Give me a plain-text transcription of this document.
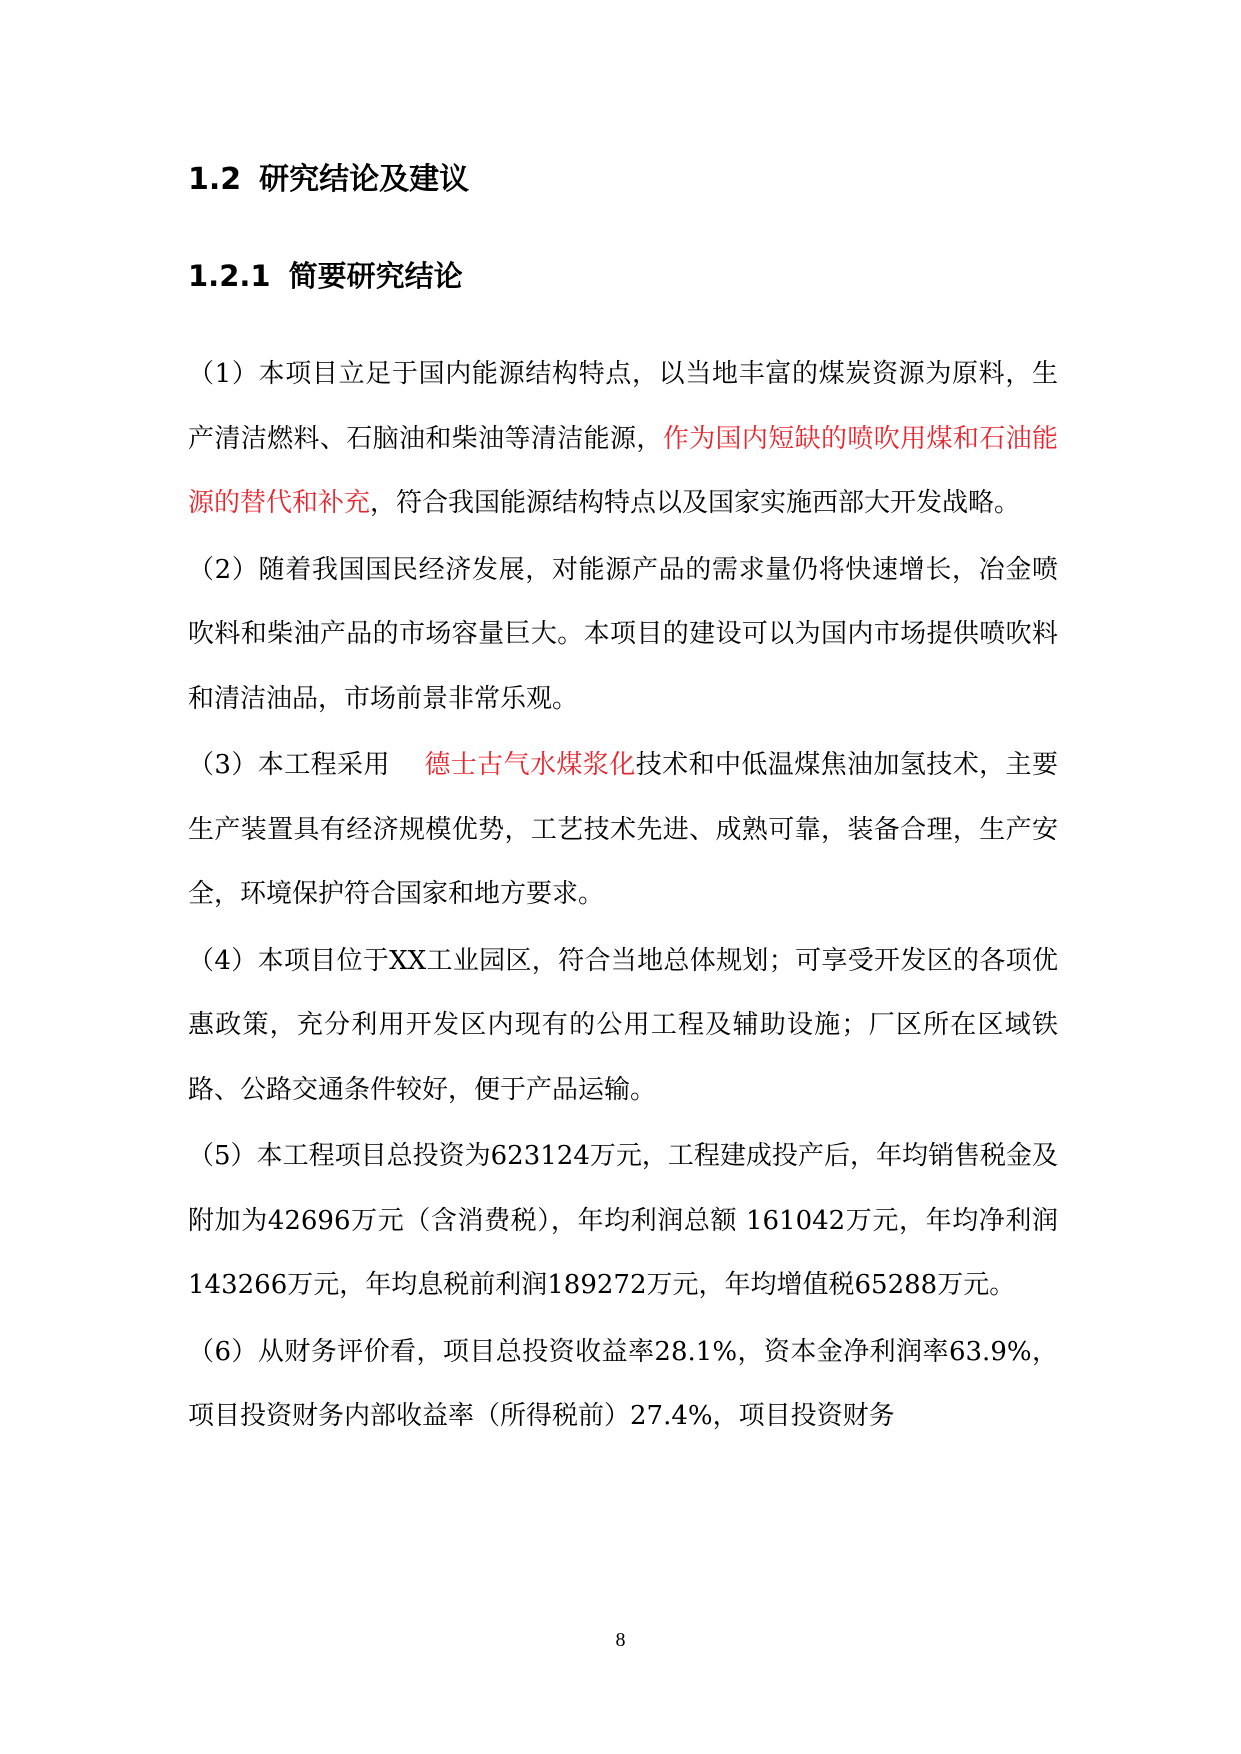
1.2 研究结论及建议
1.2.1 简要研究结论

（1）本项目立足于国内能源结构特点，以当地丰富的煤炭资源为原料，生产清洁燃料、石脑油和柴油等清洁能源，作为国内短缺的喷吹用煤和石油能源的替代和补充，符合我国能源结构特点以及国家实施西部大开发战略。

（2）随着我国国民经济发展，对能源产品的需求量仍将快速增长，冶金喷吹料和柴油产品的市场容量巨大。本项目的建设可以为国内市场提供喷吹料和清洁油品，市场前景非常乐观。

（3）本工程采用 德士古气水煤浆化技术和中低温煤焦油加氢技术，主要生产装置具有经济规模优势，工艺技术先进、成熟可靠，装备合理，生产安全，环境保护符合国家和地方要求。

（4）本项目位于XX工业园区，符合当地总体规划；可享受开发区的各项优惠政策，充分利用开发区内现有的公用工程及辅助设施；厂区所在区域铁路、公路交通条件较好，便于产品运输。

（5）本工程项目总投资为623124万元，工程建成投产后，年均销售税金及附加为42696万元（含消费税），年均利润总额 161042万元，年均净利润143266万元，年均息税前利润189272万元，年均增值税65288万元。

（6）从财务评价看，项目总投资收益率28.1%，资本金净利润率63.9%，项目投资财务内部收益率（所得税前）27.4%，项目投资财务

8
